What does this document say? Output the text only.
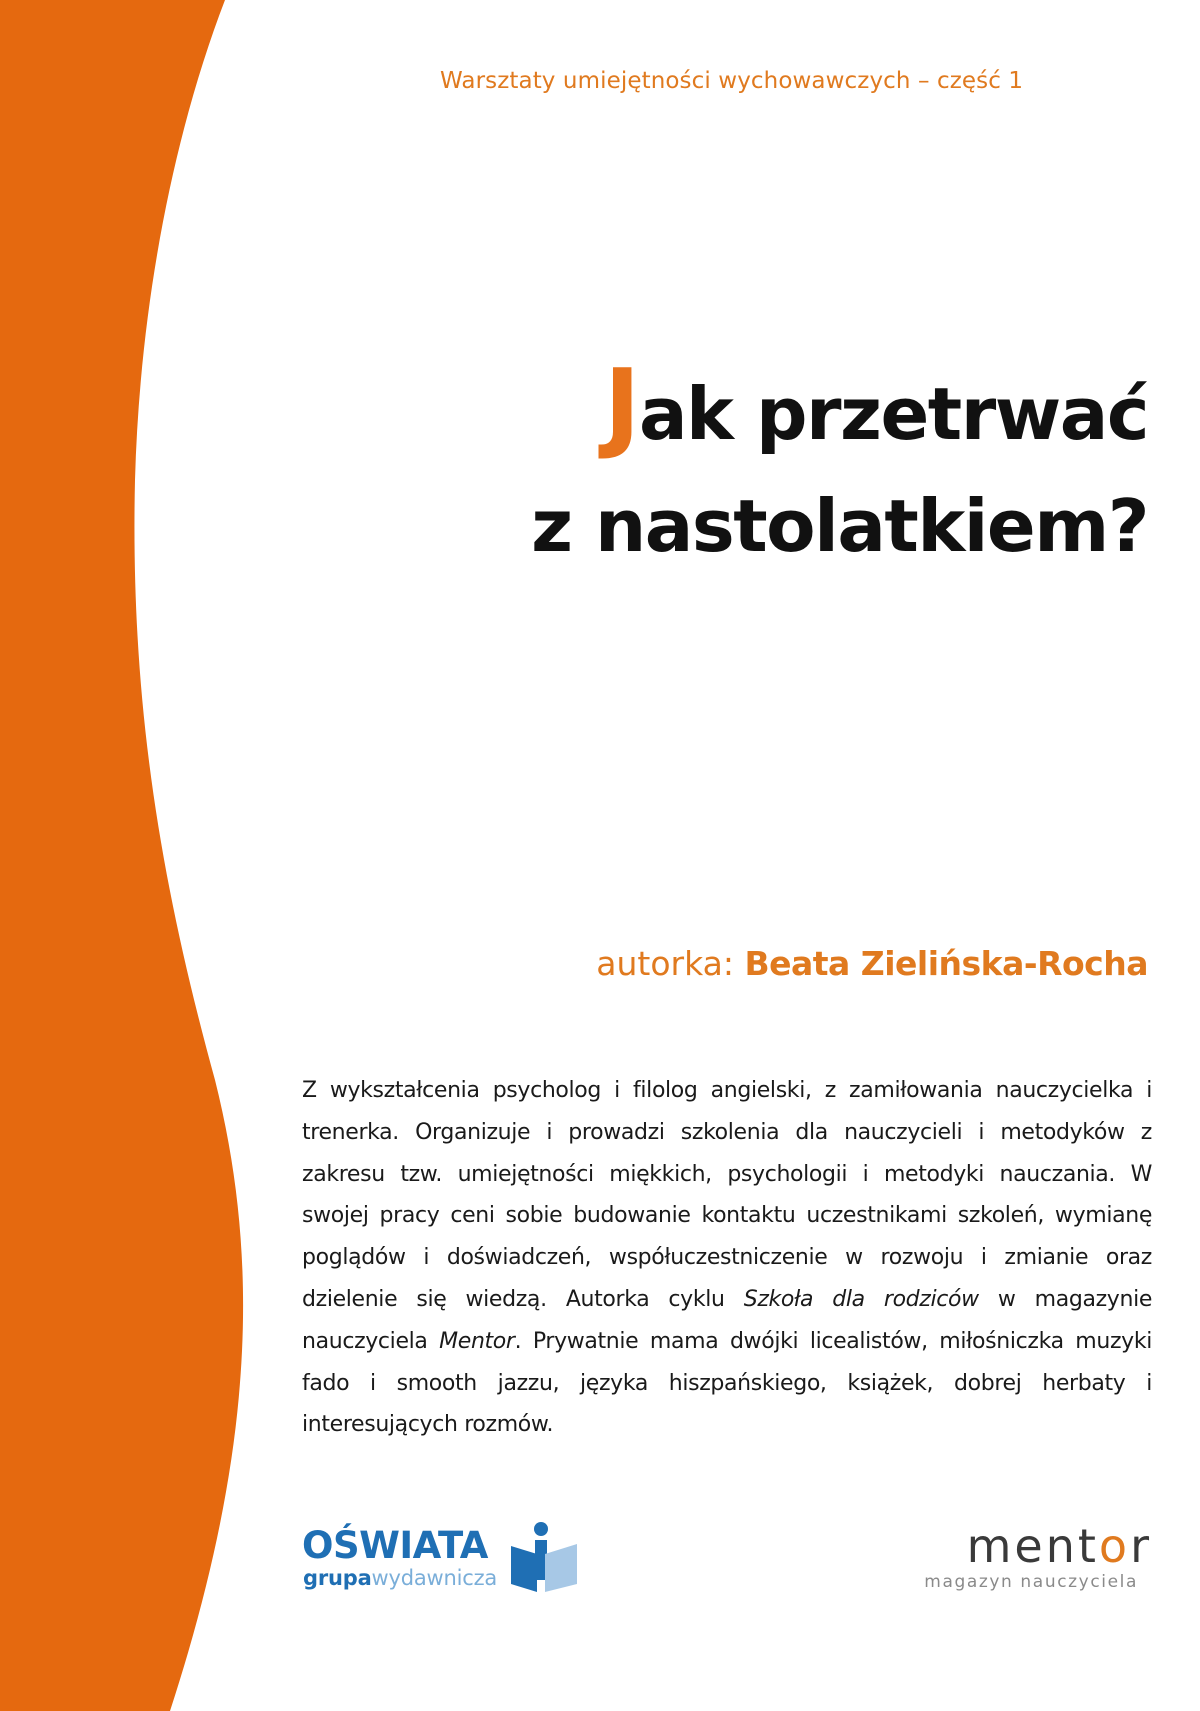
Warsztaty umiejętności wychowawczych – część 1
Jak przetrwać
z nastolatkiem?
autorka: Beata Zielińska-Rocha
Z wykształcenia psycholog i filolog angielski, z zamiłowania nauczycielka i trenerka. Organizuje i prowadzi szkolenia dla nauczycieli i metodyków z zakresu tzw. umiejętności miękkich, psychologii i metodyki nauczania. W swojej pracy ceni sobie budowanie kontaktu uczestnikami szkoleń, wymianę poglądów i doświadczeń, współuczestniczenie w rozwoju i zmianie oraz dzielenie się wiedzą. Autorka cyklu Szkoła dla rodziców w magazynie nauczyciela Mentor. Prywatnie mama dwójki licealistów, miłośniczka muzyki fado i smooth jazzu, języka hiszpańskiego, książek, dobrej herbaty i interesujących rozmów.
OŚWIATA
grupawydawnicza
mentor
magazyn nauczyciela
